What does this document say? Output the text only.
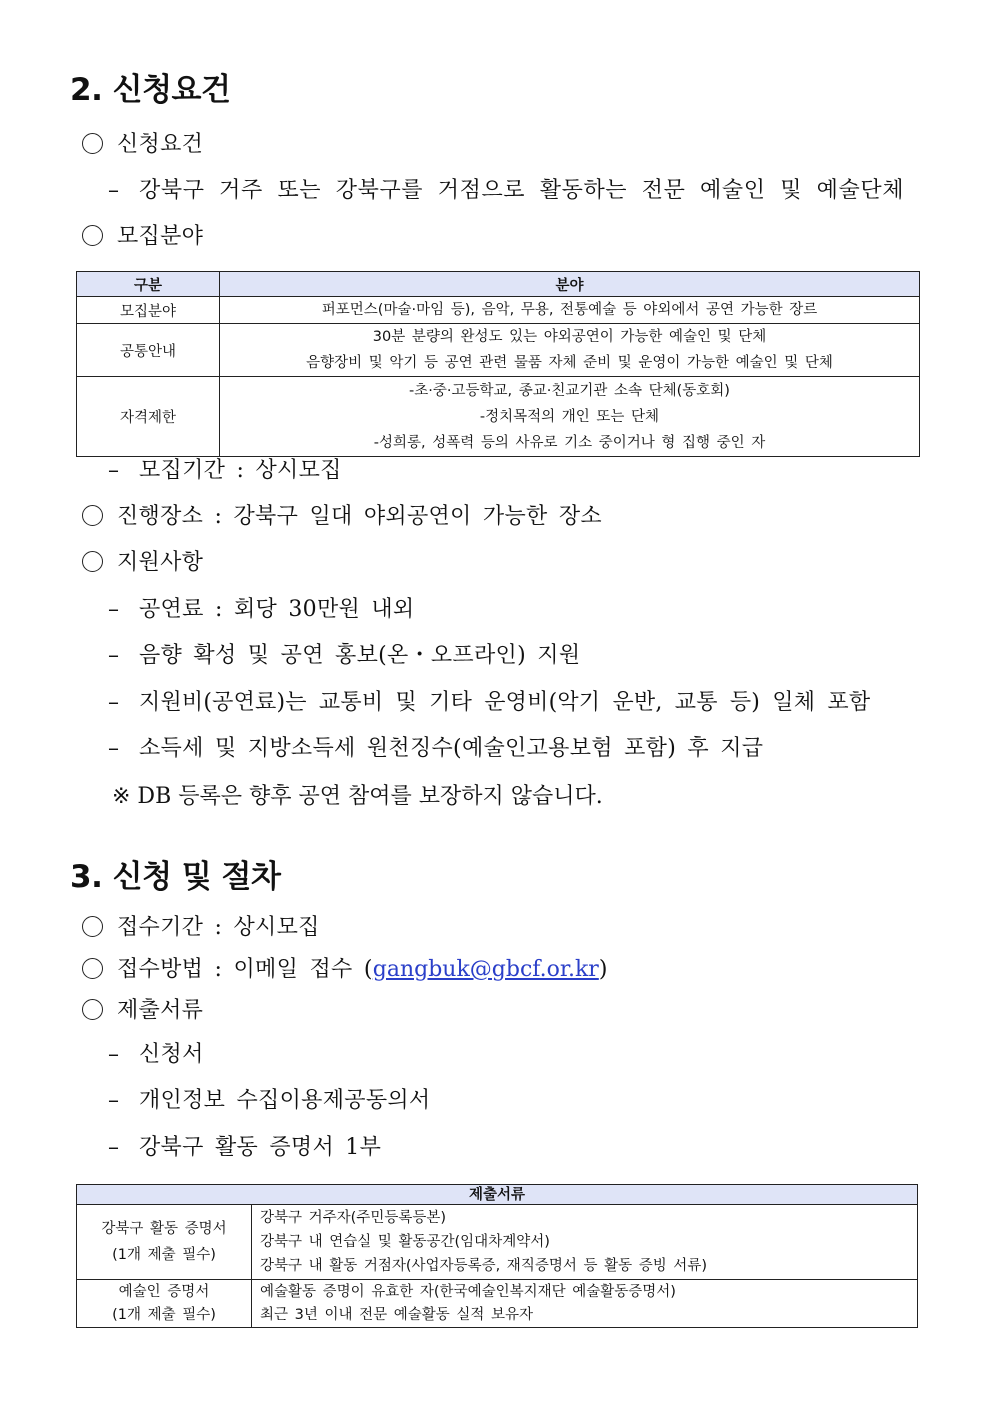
2. 신청요건
신청요건
– 강북구 거주 또는 강북구를 거점으로 활동하는 전문 예술인 및 예술단체
모집분야
구분	분야
모집분야	퍼포먼스(마술·마임 등), 음악, 무용, 전통예술 등 야외에서 공연 가능한 장르

공통안내	30분 분량의 완성도 있는 야외공연이 가능한 예술인 및 단체
음향장비 및 악기 등 공연 관련 물품 자체 준비 및 운영이 가능한 예술인 및 단체

자격제한	-초·중·고등학교, 종교·친교기관 소속 단체(동호회)
-정치목적의 개인 또는 단체
-성희롱, 성폭력 등의 사유로 기소 중이거나 형 집행 중인 자
– 모집기간 : 상시모집
진행장소 : 강북구 일대 야외공연이 가능한 장소
지원사항
– 공연료 : 회당 30만원 내외
– 음향 확성 및 공연 홍보(온・오프라인) 지원
– 지원비(공연료)는 교통비 및 기타 운영비(악기 운반, 교통 등) 일체 포함
– 소득세 및 지방소득세 원천징수(예술인고용보험 포함) 후 지급
※ DB 등록은 향후 공연 참여를 보장하지 않습니다.
3. 신청 및 절차
접수기간 : 상시모집
접수방법 : 이메일 접수 (gangbuk@gbcf.or.kr)
제출서류
– 신청서
– 개인정보 수집이용제공동의서
– 강북구 활동 증명서 1부
제출서류	

강북구 활동 증명서
(1개 제출 필수)	강북구 거주자(주민등록등본)
강북구 내 연습실 및 활동공간(임대차계약서)
강북구 내 활동 거점자(사업자등록증, 재직증명서 등 활동 증빙 서류)

예술인 증명서
(1개 제출 필수)	예술활동 증명이 유효한 자(한국예술인복지재단 예술활동증명서)
최근 3년 이내 전문 예술활동 실적 보유자
